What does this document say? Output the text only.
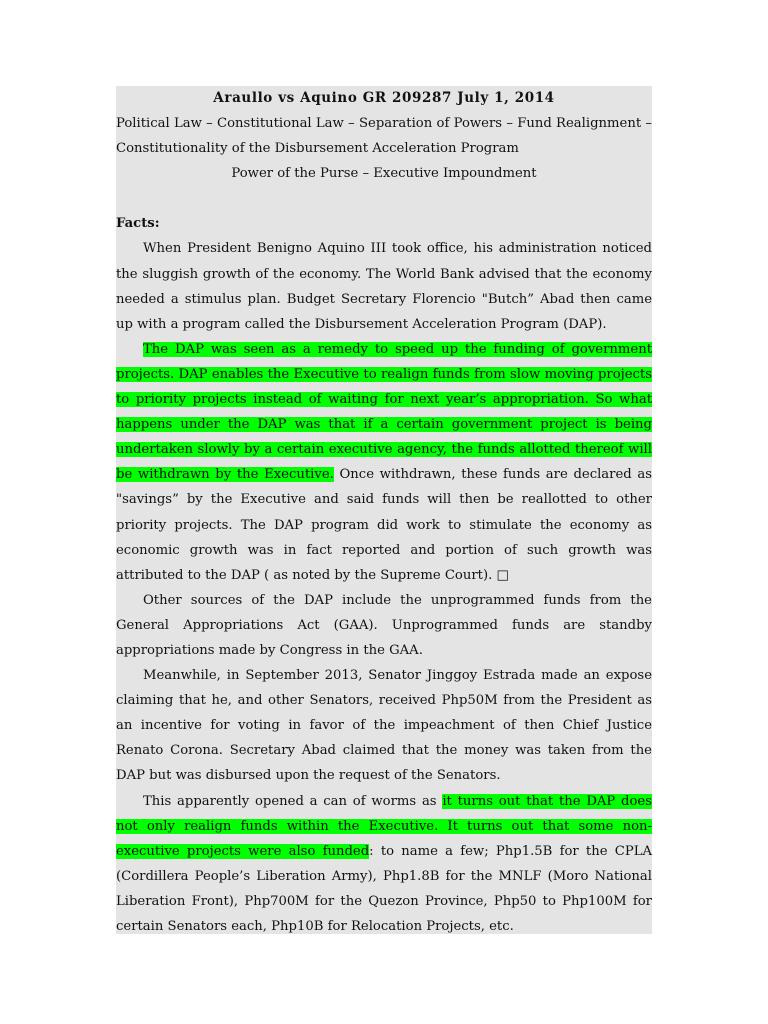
Araullo vs Aquino GR 209287 July 1, 2014

Political Law – Constitutional Law – Separation of Powers – Fund Realignment – Constitutionality of the Disbursement Acceleration Program

Power of the Purse – Executive Impoundment

Facts:

When President Benigno Aquino III took office, his administration noticed the sluggish growth of the economy. The World Bank advised that the economy needed a stimulus plan. Budget Secretary Florencio "Butch” Abad then came up with a program called the Disbursement Acceleration Program (DAP).

The DAP was seen as a remedy to speed up the funding of government projects. DAP enables the Executive to realign funds from slow moving projects to priority projects instead of waiting for next year’s appropriation. So what happens under the DAP was that if a certain government project is being undertaken slowly by a certain executive agency, the funds allotted thereof will be withdrawn by the Executive. Once withdrawn, these funds are declared as "savings” by the Executive and said funds will then be reallotted to other priority projects. The DAP program did work to stimulate the economy as economic growth was in fact reported and portion of such growth was attributed to the DAP ( as noted by the Supreme Court). □

Other sources of the DAP include the unprogrammed funds from the General Appropriations Act (GAA). Unprogrammed funds are standby appropriations made by Congress in the GAA.

Meanwhile, in September 2013, Senator Jinggoy Estrada made an expose claiming that he, and other Senators, received Php50M from the President as an incentive for voting in favor of the impeachment of then Chief Justice Renato Corona. Secretary Abad claimed that the money was taken from the DAP but was disbursed upon the request of the Senators.

This apparently opened a can of worms as it turns out that the DAP does not only realign funds within the Executive. It turns out that some non-executive projects were also funded: to name a few; Php1.5B for the CPLA (Cordillera People’s Liberation Army), Php1.8B for the MNLF (Moro National Liberation Front), Php700M for the Quezon Province, Php50 to Php100M for certain Senators each, Php10B for Relocation Projects, etc.
